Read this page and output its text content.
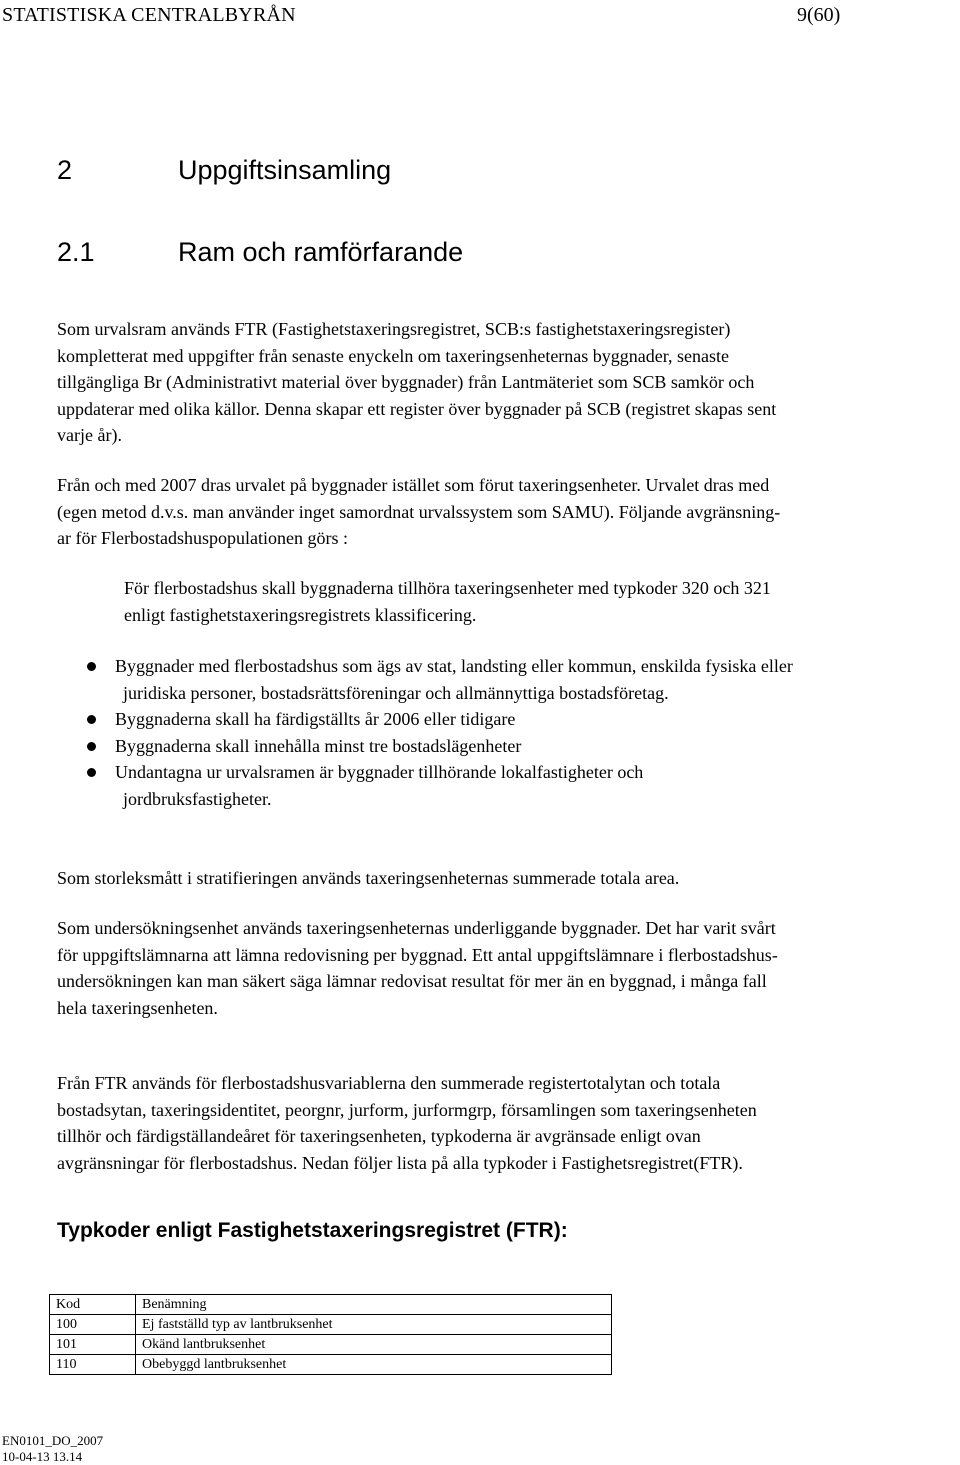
STATISTISKA CENTRALBYRÅN	9(60)
2	Uppgiftsinsamling
2.1	Ram och ramförfarande
Som urvalsram används FTR (Fastighetstaxeringsregistret, SCB:s fastighetstaxeringsregister)
kompletterat med uppgifter från senaste enyckeln om taxeringsenheternas byggnader, senaste
tillgängliga Br (Administrativt material över byggnader) från Lantmäteriet som SCB samkör och
uppdaterar med olika källor. Denna skapar ett register över byggnader på SCB (registret skapas sent
varje år).
Från och med 2007 dras urvalet på byggnader istället som förut taxeringsenheter. Urvalet dras med
(egen metod d.v.s. man använder inget samordnat urvalssystem som SAMU). Följande avgränsning-
ar för Flerbostadshuspopulationen görs :
För flerbostadshus skall byggnaderna tillhöra taxeringsenheter med typkoder 320 och 321
enligt fastighetstaxeringsregistrets klassificering.
Byggnader med flerbostadshus som ägs av stat, landsting eller kommun, enskilda fysiska eller
juridiska personer, bostadsrättsföreningar och allmännyttiga bostadsföretag.
Byggnaderna skall ha färdigställts år 2006 eller tidigare
Byggnaderna skall innehålla minst tre bostadslägenheter
Undantagna ur urvalsramen är byggnader tillhörande lokalfastigheter och
jordbruksfastigheter.
Som storleksmått i stratifieringen används taxeringsenheternas summerade totala area.
Som undersökningsenhet används taxeringsenheternas underliggande byggnader. Det har varit svårt
för uppgiftslämnarna att lämna redovisning per byggnad. Ett antal uppgiftslämnare i flerbostadshus-
undersökningen kan man säkert säga lämnar redovisat resultat för mer än en byggnad, i många fall
hela taxeringsenheten.
Från FTR används för flerbostadshusvariablerna den summerade registertotalytan och totala
bostadsytan, taxeringsidentitet, peorgnr, jurform, jurformgrp, församlingen som taxeringsenheten
tillhör och färdigställandeåret för taxeringsenheten, typkoderna är avgränsade enligt ovan
avgränsningar för flerbostadshus. Nedan följer lista på alla typkoder i Fastighetsregistret(FTR).
Typkoder enligt Fastighetstaxeringsregistret (FTR):
Kod	Benämning
100	Ej fastställd typ av lantbruksenhet
101	Okänd lantbruksenhet
110	Obebyggd lantbruksenhet
EN0101_DO_2007
10-04-13 13.14
